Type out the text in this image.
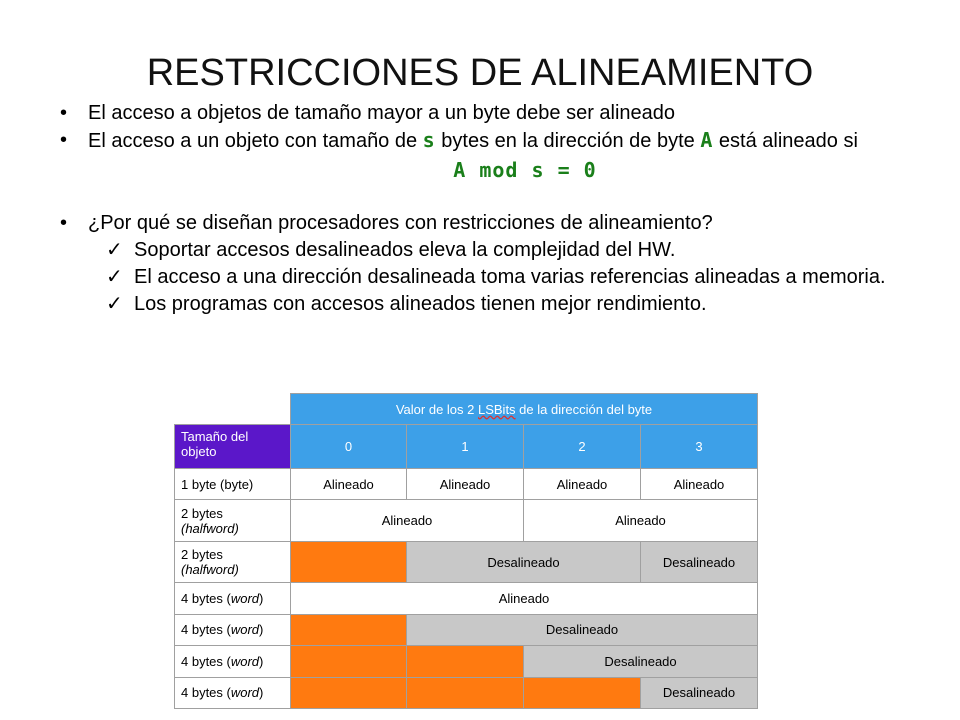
RESTRICCIONES DE ALINEAMIENTO
• El acceso a objetos de tamaño mayor a un byte debe ser alineado
• El acceso a un objeto con tamaño de s bytes en la dirección de byte A está alineado si
A mod s = 0
• ¿Por qué se diseñan procesadores con restricciones de alineamiento?
✓ Soportar accesos desalineados eleva la complejidad del HW.
✓ El acceso a una dirección desalineada toma varias referencias alineadas a memoria.
✓ Los programas con accesos alineados tienen mejor rendimiento.
	Valor de los 2 LSBits de la dirección del byte			
Tamaño del objeto	0	1	2	3
1 byte (byte)	Alineado	Alineado	Alineado	Alineado
2 bytes
(halfword)	Alineado		Alineado	
2 bytes
(halfword)		Desalineado		Desalineado
4 bytes (word)	Alineado			
4 bytes (word)		Desalineado		
4 bytes (word)			Desalineado	
4 bytes (word)				Desalineado
